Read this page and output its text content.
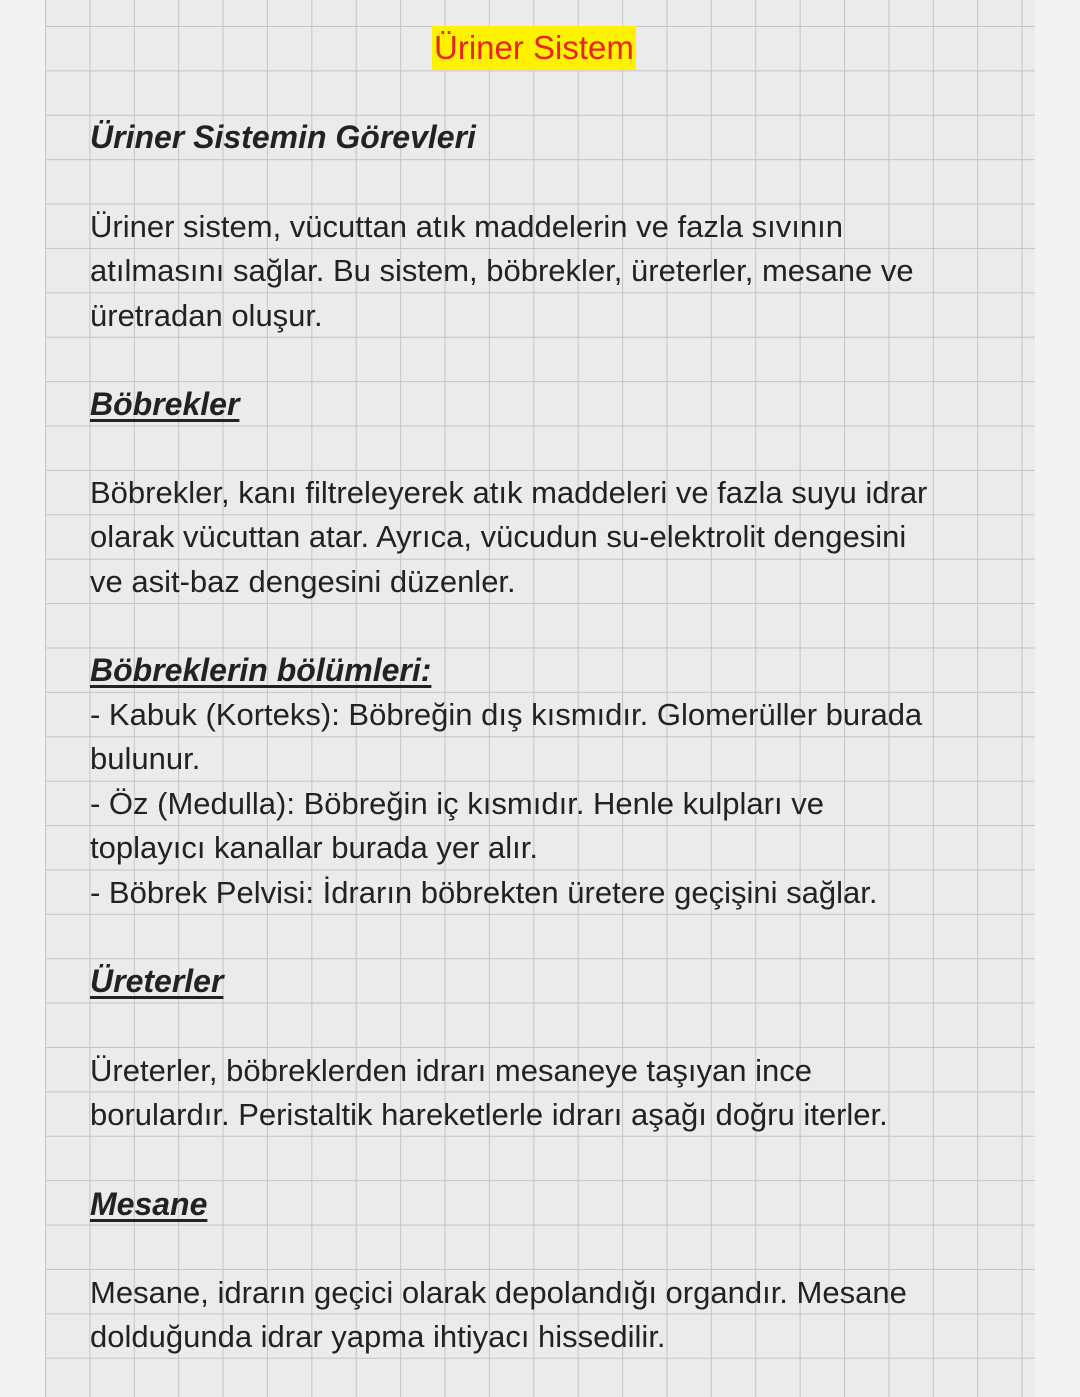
Üriner Sistem
Üriner Sistemin Görevleri
Üriner sistem, vücuttan atık maddelerin ve fazla sıvının
atılmasını sağlar. Bu sistem, böbrekler, üreterler, mesane ve
üretradan oluşur.
Böbrekler
Böbrekler, kanı filtreleyerek atık maddeleri ve fazla suyu idrar
olarak vücuttan atar. Ayrıca, vücudun su-elektrolit dengesini
ve asit-baz dengesini düzenler.
Böbreklerin bölümleri:
- Kabuk (Korteks): Böbreğin dış kısmıdır. Glomerüller burada
bulunur.
- Öz (Medulla): Böbreğin iç kısmıdır. Henle kulpları ve
toplayıcı kanallar burada yer alır.
- Böbrek Pelvisi: İdrarın böbrekten üretere geçişini sağlar.
Üreterler
Üreterler, böbreklerden idrarı mesaneye taşıyan ince
borulardır. Peristaltik hareketlerle idrarı aşağı doğru iterler.
Mesane
Mesane, idrarın geçici olarak depolandığı organdır. Mesane
dolduğunda idrar yapma ihtiyacı hissedilir.
